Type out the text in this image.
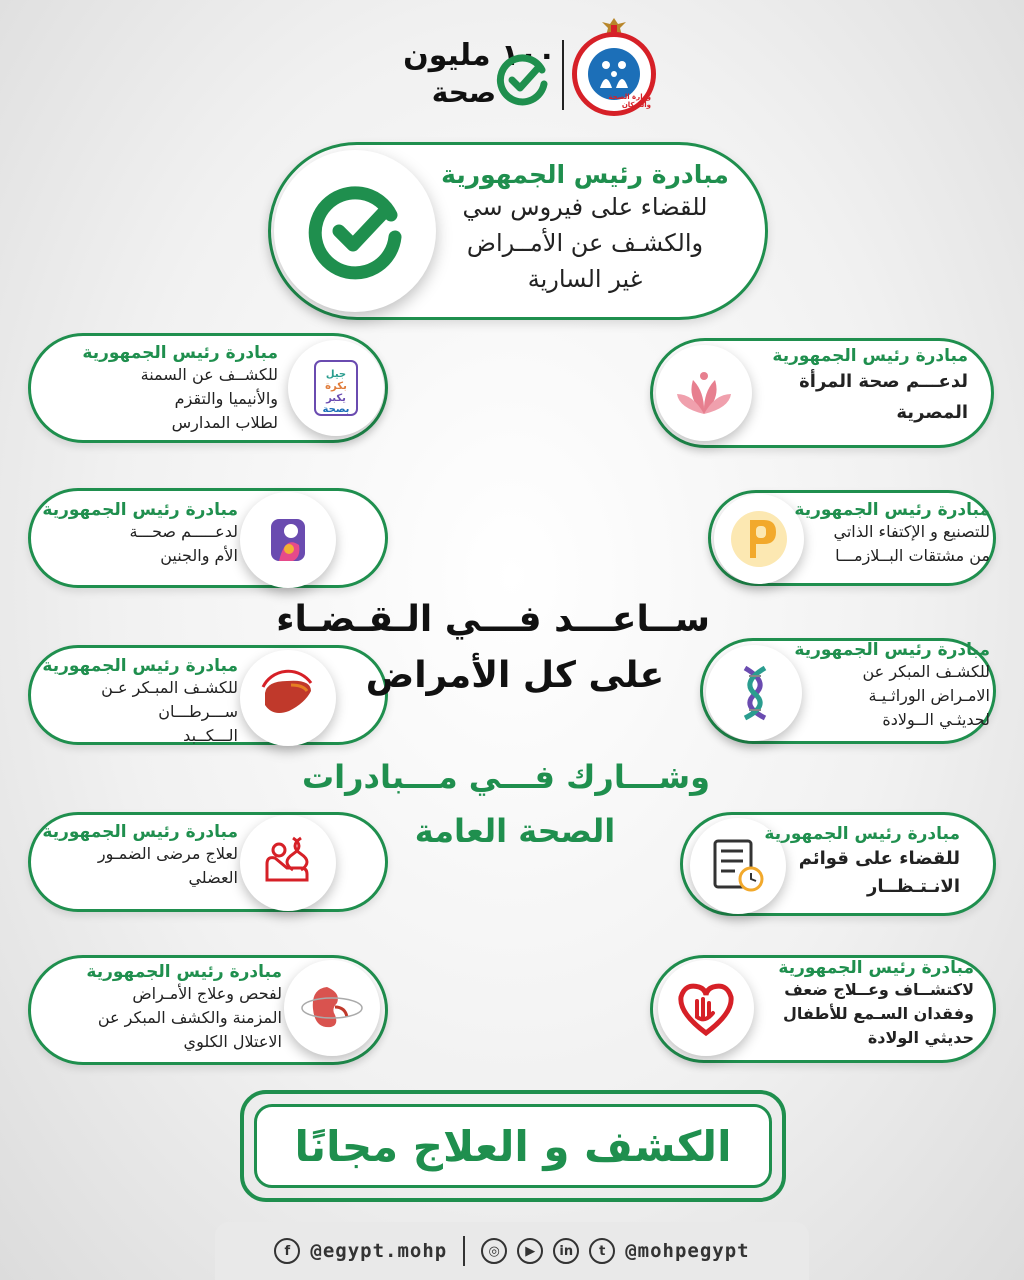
وزارة الصحة والسكان
١٠٠ مليون
صحة
مبادرة رئيس الجمهورية
للقضاء على فيروس سي
والكشـف عن الأمــراض
غير السارية
جيل
بكرة
يكبر
بصحة
مبادرة رئيس الجمهورية
للكشــف عن السمنة
والأنيميا والتقزم
لطلاب المدارس
مبادرة رئيس الجمهورية
لدعـــــم صحـــة
الأم والجنين
مبادرة رئيس الجمهورية
للكشـف المبـكر عـن
ســـرطـــان
الـــكــبد
مبادرة رئيس الجمهورية
لعلاج مرضى الضمـور
العضلي
مبادرة رئيس الجمهورية
لفحص وعلاج الأمـراض
المزمنة والكشف المبكر عن
الاعتلال الكلوي
مبادرة رئيس الجمهورية
لدعـــم صحة المرأة
المصرية
مبادرة رئيس الجمهورية
للتصنيع و الإكتفاء الذاتي
من مشتقات البــلازمـــا
مبادرة رئيس الجمهورية
للكشـف المبكر عن
الامـراض الوراثـيـة
لحديثـي الــولادة
مبادرة رئيس الجمهورية
للقضاء على قوائم
الانـتـظــار
مبادرة رئيس الجمهورية
لاكتشــاف وعــلاج ضعف
وفقدان السـمع للأطفال
حديثي الولادة
ســاعـــد فـــي الـقـضـاء
على كل الأمراض
وشـــارك فـــي مـــبادرات
الصحة العامة
الكشف و العلاج مجانًا
f	@egypt.mohp	◎	▶	in	t	@mohpegypt
